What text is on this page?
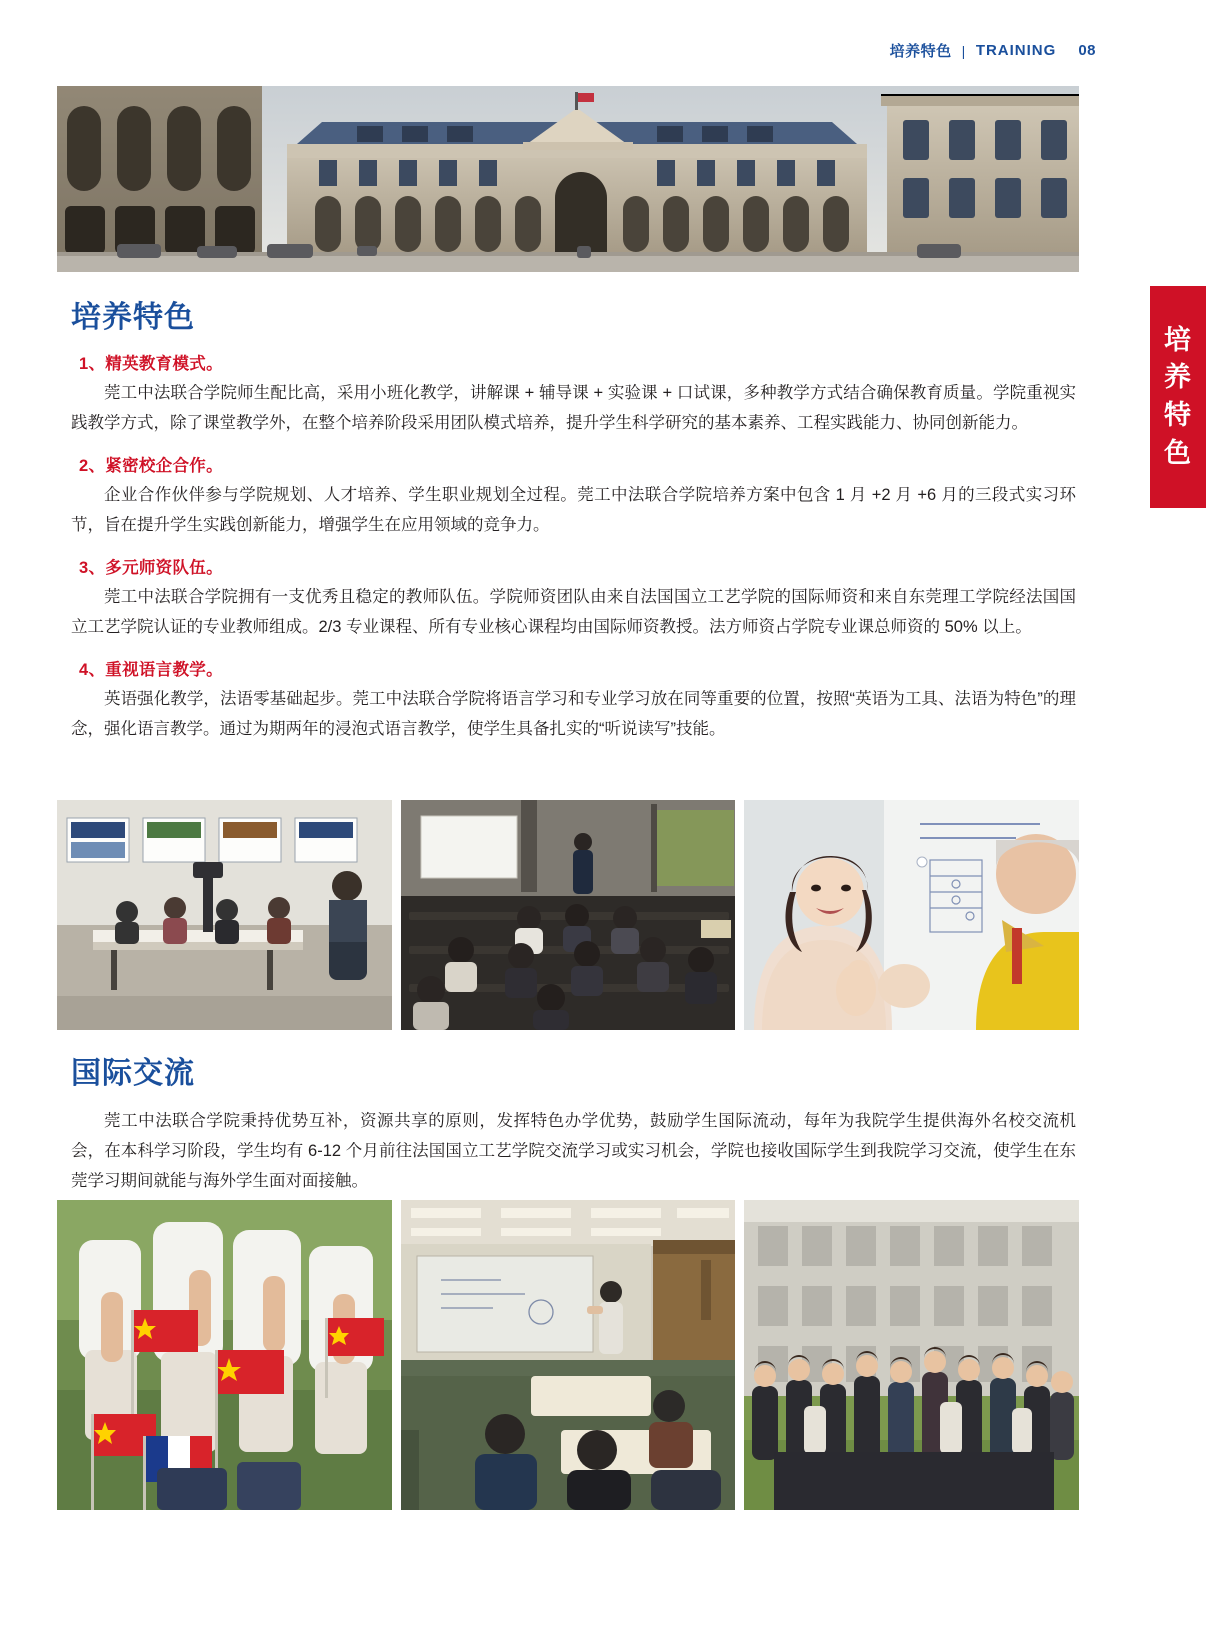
培养特色 | TRAINING 08
培
养
特
色
培养特色
1、精英教育模式。

莞工中法联合学院师生配比高，采用小班化教学，讲解课 + 辅导课 + 实验课 + 口试课，多种教学方式结合确保教育质量。学院重视实践教学方式，除了课堂教学外，在整个培养阶段采用团队模式培养，提升学生科学研究的基本素养、工程实践能力、协同创新能力。

2、紧密校企合作。

企业合作伙伴参与学院规划、人才培养、学生职业规划全过程。莞工中法联合学院培养方案中包含 1 月 +2 月 +6 月的三段式实习环节，旨在提升学生实践创新能力，增强学生在应用领域的竞争力。

3、多元师资队伍。

莞工中法联合学院拥有一支优秀且稳定的教师队伍。学院师资团队由来自法国国立工艺学院的国际师资和来自东莞理工学院经法国国立工艺学院认证的专业教师组成。2/3 专业课程、所有专业核心课程均由国际师资教授。法方师资占学院专业课总师资的 50% 以上。

4、重视语言教学。

英语强化教学，法语零基础起步。莞工中法联合学院将语言学习和专业学习放在同等重要的位置，按照“英语为工具、法语为特色”的理念，强化语言教学。通过为期两年的浸泡式语言教学，使学生具备扎实的“听说读写”技能。

国际交流

莞工中法联合学院秉持优势互补，资源共享的原则，发挥特色办学优势，鼓励学生国际流动，每年为我院学生提供海外名校交流机会，在本科学习阶段，学生均有 6-12 个月前往法国国立工艺学院交流学习或实习机会，学院也接收国际学生到我院学习交流，使学生在东莞学习期间就能与海外学生面对面接触。
